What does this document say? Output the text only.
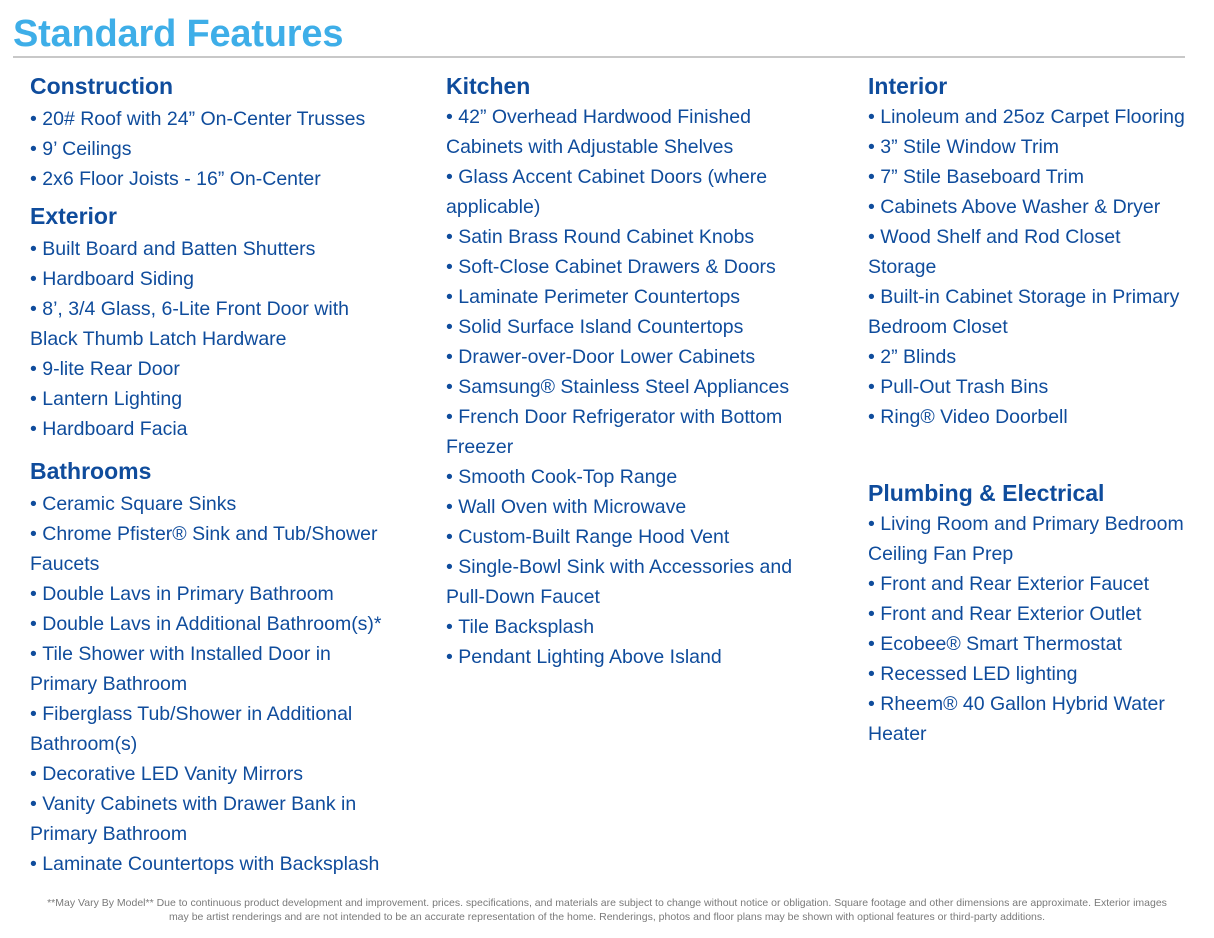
Standard Features
Construction
• 20# Roof with 24” On-Center Trusses
• 9’ Ceilings
• 2x6 Floor Joists - 16” On-Center
Exterior
• Built Board and Batten Shutters
• Hardboard Siding
• 8’, 3/4 Glass, 6-Lite Front Door with Black Thumb Latch Hardware
• 9-lite Rear Door
• Lantern Lighting
• Hardboard Facia
Bathrooms
• Ceramic Square Sinks
• Chrome Pfister® Sink and Tub/Shower Faucets
• Double Lavs in Primary Bathroom
• Double Lavs in Additional Bathroom(s)*
• Tile Shower with Installed Door in Primary Bathroom
• Fiberglass Tub/Shower in Additional Bathroom(s)
• Decorative LED Vanity Mirrors
• Vanity Cabinets with Drawer Bank in Primary Bathroom
• Laminate Countertops with Backsplash
Kitchen
• 42” Overhead Hardwood Finished Cabinets with Adjustable Shelves
• Glass Accent Cabinet Doors (where applicable)
• Satin Brass Round Cabinet Knobs
• Soft-Close Cabinet Drawers & Doors
• Laminate Perimeter Countertops
• Solid Surface Island Countertops
• Drawer-over-Door Lower Cabinets
• Samsung® Stainless Steel Appliances
• French Door Refrigerator with Bottom Freezer
• Smooth Cook-Top Range
• Wall Oven with Microwave
• Custom-Built Range Hood Vent
• Single-Bowl Sink with Accessories and Pull-Down Faucet
• Tile Backsplash
• Pendant Lighting Above Island
Interior
• Linoleum and 25oz Carpet Flooring
• 3” Stile Window Trim
• 7” Stile Baseboard Trim
• Cabinets Above Washer & Dryer
• Wood Shelf and Rod Closet Storage
• Built-in Cabinet Storage in Primary Bedroom Closet
• 2” Blinds
• Pull-Out Trash Bins
• Ring® Video Doorbell
Plumbing & Electrical
• Living Room and Primary Bedroom Ceiling Fan Prep
• Front and Rear Exterior Faucet
• Front and Rear Exterior Outlet
• Ecobee® Smart Thermostat
• Recessed LED lighting
• Rheem® 40 Gallon Hybrid Water Heater

**May Vary By Model** Due to continuous product development and improvement. prices. specifications, and materials are subject to change without notice or obligation. Square footage and other dimensions are approximate. Exterior images may be artist renderings and are not intended to be an accurate representation of the home. Renderings, photos and floor plans may be shown with optional features or third-party additions.
